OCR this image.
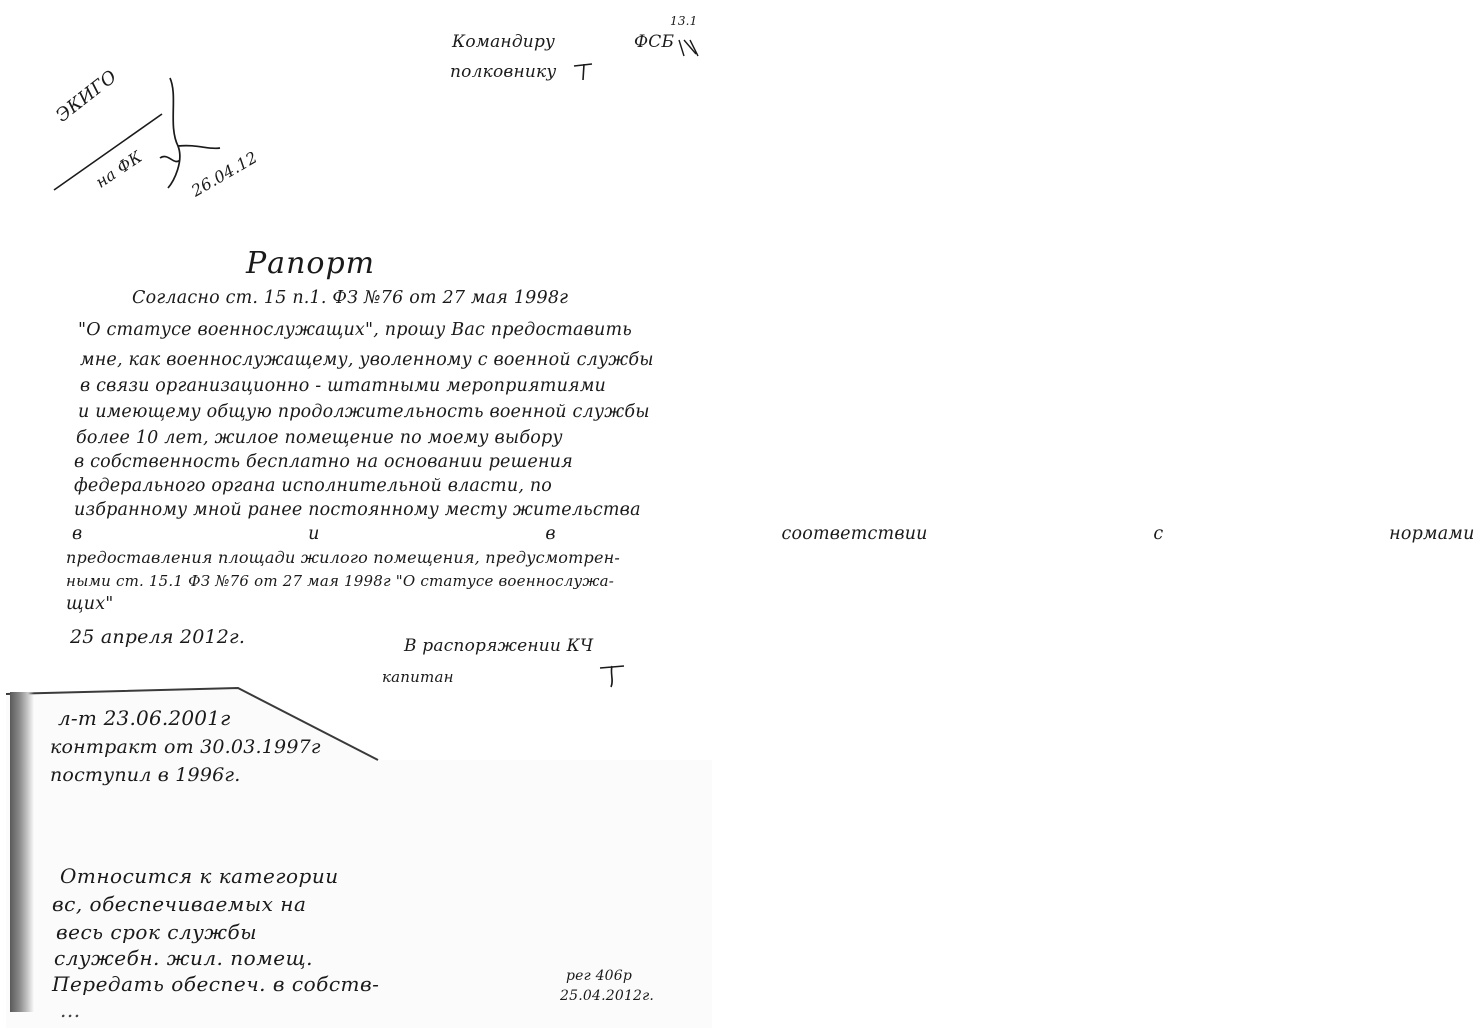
Командиру	ФСБ
13.1
полковнику
ЭКИГО
на ФК	26.04.12
Рапорт
Согласно ст. 15 п.1. ФЗ №76 от 27 мая 1998г
"О статусе военнослужащих", прошу Вас предоставить
мне, как военнослужащему, уволенному с военной службы
в связи организационно - штатными мероприятиями
и имеющему общую продолжительность военной службы
более 10 лет, жилое помещение по моему выбору
в собственность бесплатно на основании решения
федерального органа исполнительной власти, по
избранному мной ранее постоянному месту жительства
в и в соответствии с нормами
предоставления площади жилого помещения, предусмотрен-
ными ст. 15.1 ФЗ №76 от 27 мая 1998г "О статусе военнослужа-
щих"
25 апреля 2012г.	В распоряжении КЧ
капитан
л-т 23.06.2001г
контракт от 30.03.1997г
поступил в 1996г.
Относится к категории
вс, обеспечиваемых на
весь срок службы
служебн. жил. помещ.
Передать обеспеч. в собств-
...
рег 406р
25.04.2012г.
